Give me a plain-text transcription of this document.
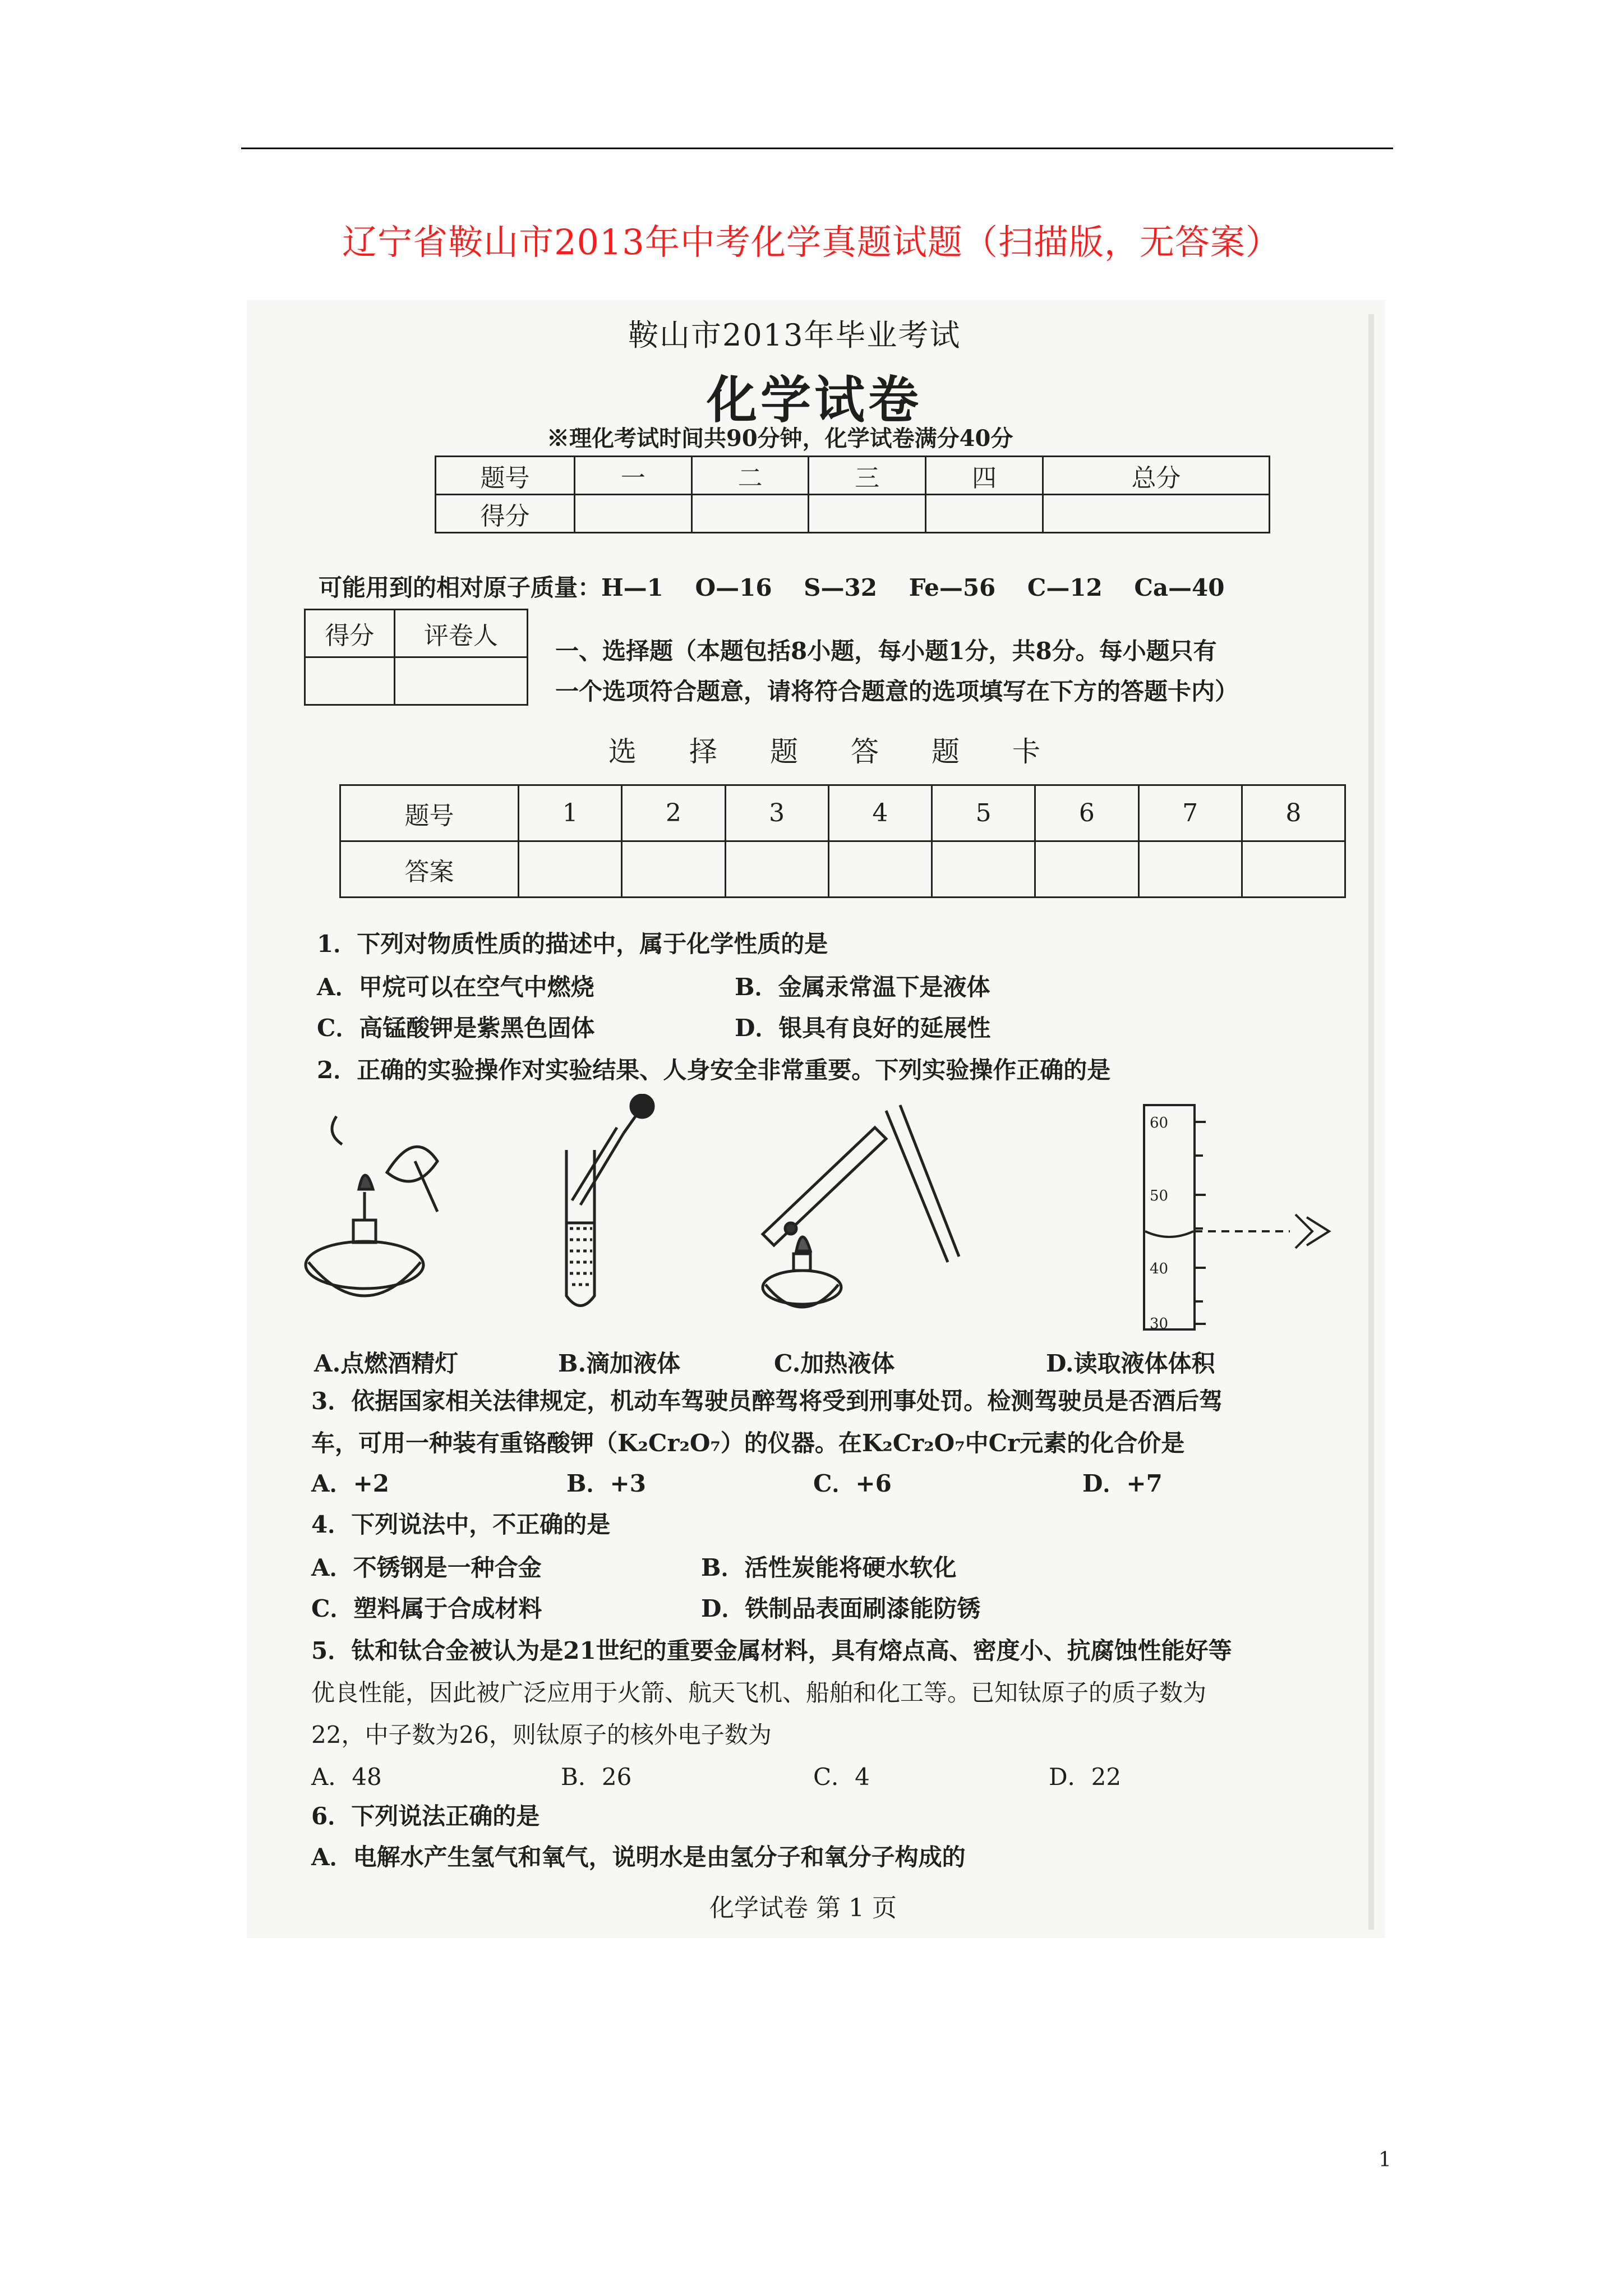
辽宁省鞍山市2013年中考化学真题试题（扫描版，无答案）
鞍山市2013年毕业考试
化学试卷
※理化考试时间共90分钟，化学试卷满分40分
题号	一	二	三	四	总分
得分					
可能用到的相对原子质量：H—1　 O—16　 S—32　 Fe—56　 C—12　 Ca—40
得分	评卷人

一、选择题（本题包括8小题，每小题1分，共8分。每小题只有
一个选项符合题意，请将符合题意的选项填写在下方的答题卡内）
选 择 题 答 题 卡
题号	1	2	3	4	5	6	7	8
答案								
1．下列对物质性质的描述中，属于化学性质的是
A．甲烷可以在空气中燃烧	B．金属汞常温下是液体
C．高锰酸钾是紫黑色固体	D．银具有良好的延展性
2．正确的实验操作对实验结果、人身安全非常重要。下列实验操作正确的是
60
50
40
30
A.点燃酒精灯	B.滴加液体	C.加热液体	D.读取液体体积
3．依据国家相关法律规定，机动车驾驶员醉驾将受到刑事处罚。检测驾驶员是否酒后驾
车，可用一种装有重铬酸钾（K₂Cr₂O₇）的仪器。在K₂Cr₂O₇中Cr元素的化合价是
A．+2	B．+3	C．+6	D．+7
4．下列说法中，不正确的是
A．不锈钢是一种合金	B．活性炭能将硬水软化
C．塑料属于合成材料	D．铁制品表面刷漆能防锈
5．钛和钛合金被认为是21世纪的重要金属材料，具有熔点高、密度小、抗腐蚀性能好等
优良性能，因此被广泛应用于火箭、航天飞机、船舶和化工等。已知钛原子的质子数为
22，中子数为26，则钛原子的核外电子数为
A．48	B．26	C．4	D．22
6．下列说法正确的是
A．电解水产生氢气和氧气，说明水是由氢分子和氧分子构成的
化学试卷 第 1 页
1
